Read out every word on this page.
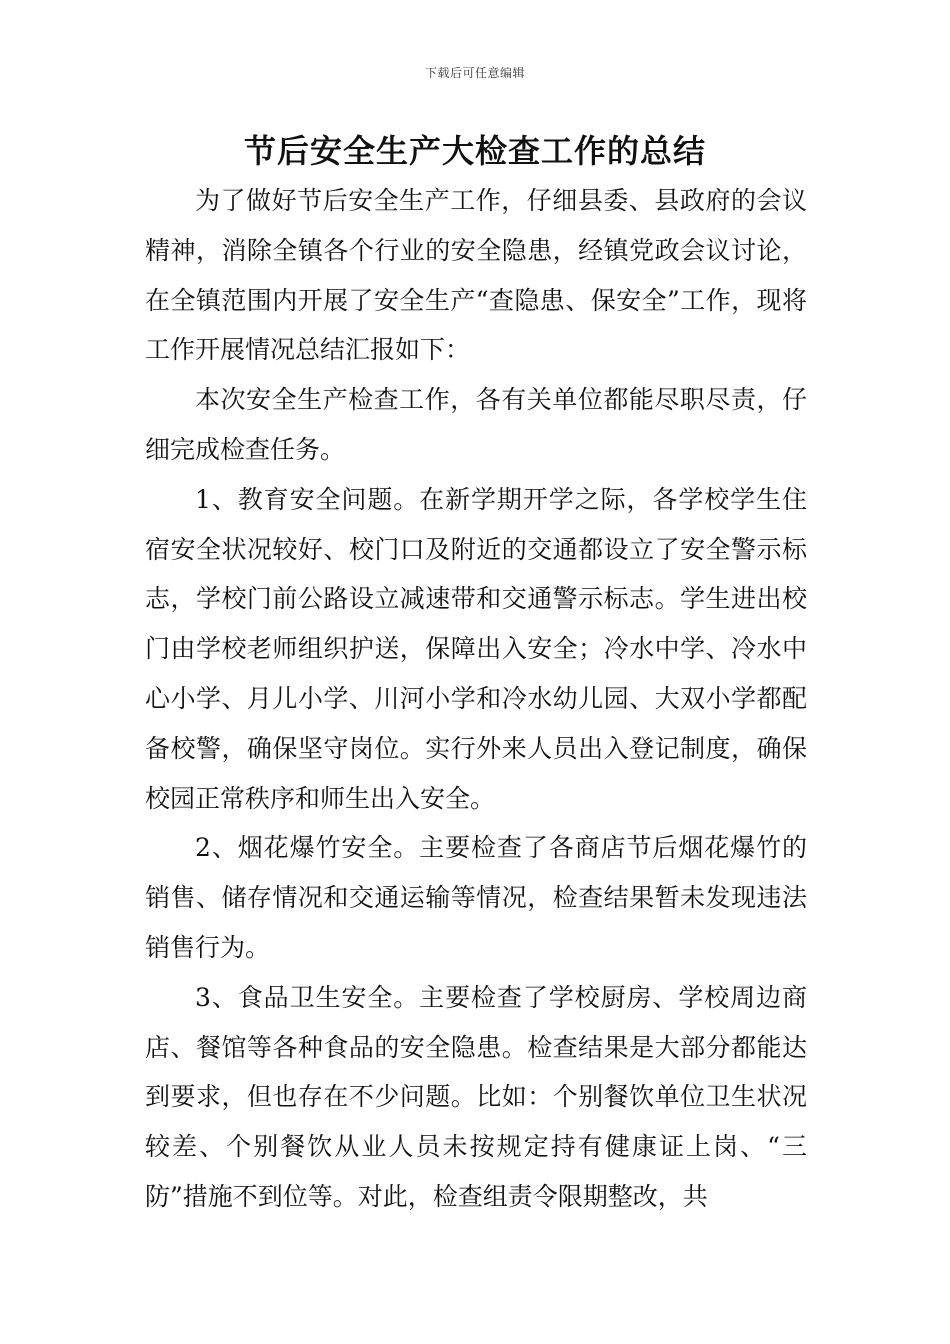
下载后可任意编辑
节后安全生产大检查工作的总结

为了做好节后安全生产工作，仔细县委、县政府的会议精神，消除全镇各个行业的安全隐患，经镇党政会议讨论，在全镇范围内开展了安全生产“查隐患、保安全”工作，现将工作开展情况总结汇报如下：

本次安全生产检查工作，各有关单位都能尽职尽责，仔细完成检查任务。

1、教育安全问题。在新学期开学之际，各学校学生住宿安全状况较好、校门口及附近的交通都设立了安全警示标志，学校门前公路设立减速带和交通警示标志。学生进出校门由学校老师组织护送，保障出入安全；冷水中学、冷水中心小学、月儿小学、川河小学和冷水幼儿园、大双小学都配备校警，确保坚守岗位。实行外来人员出入登记制度，确保校园正常秩序和师生出入安全。

2、烟花爆竹安全。主要检查了各商店节后烟花爆竹的销售、储存情况和交通运输等情况，检查结果暂未发现违法销售行为。

3、食品卫生安全。主要检查了学校厨房、学校周边商店、餐馆等各种食品的安全隐患。检查结果是大部分都能达到要求，但也存在不少问题。比如：个别餐饮单位卫生状况较差、个别餐饮从业人员未按规定持有健康证上岗、“三防”措施不到位等。对此，检查组责令限期整改，共
